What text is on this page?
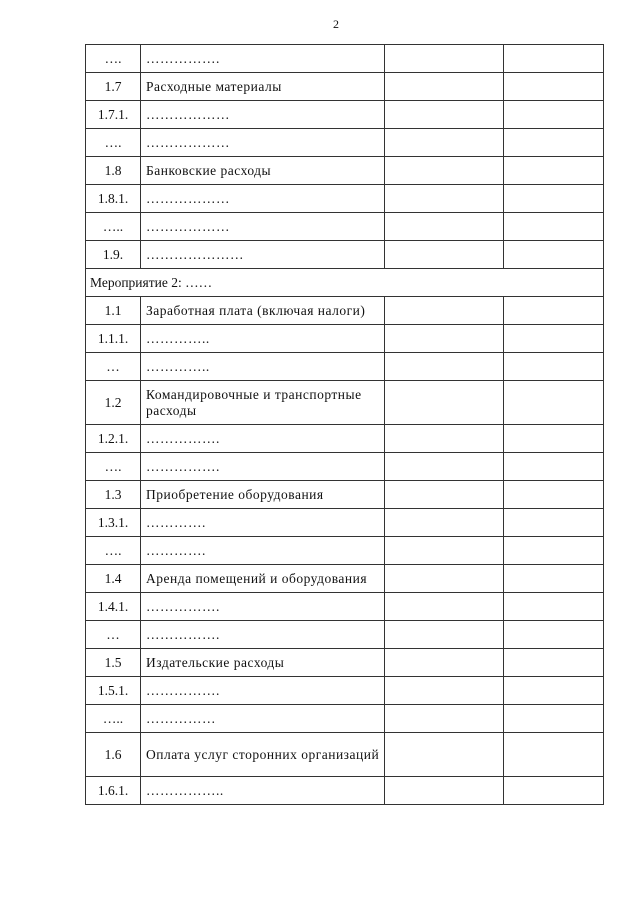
2
….	…………….		
1.7	Расходные материалы		
1.7.1.	………………		
….	………………		
1.8	Банковские расходы		
1.8.1.	………………		
…..	………………		
1.9.	…………………		
Мероприятие 2: ……			
1.1	Заработная плата (включая налоги)		
1.1.1.	…………..		
…	…………..		
1.2	Командировочные и транспортные расходы		
1.2.1.	…………….		
….	…………….		
1.3	Приобретение оборудования		
1.3.1.	………….		
….	………….		
1.4	Аренда помещений и оборудования		
1.4.1.	…………….		
…	…………….		
1.5	Издательские расходы		
1.5.1.	…………….		
…..	……………		
1.6	Оплата услуг сторонних организаций		
1.6.1.	……………..		
